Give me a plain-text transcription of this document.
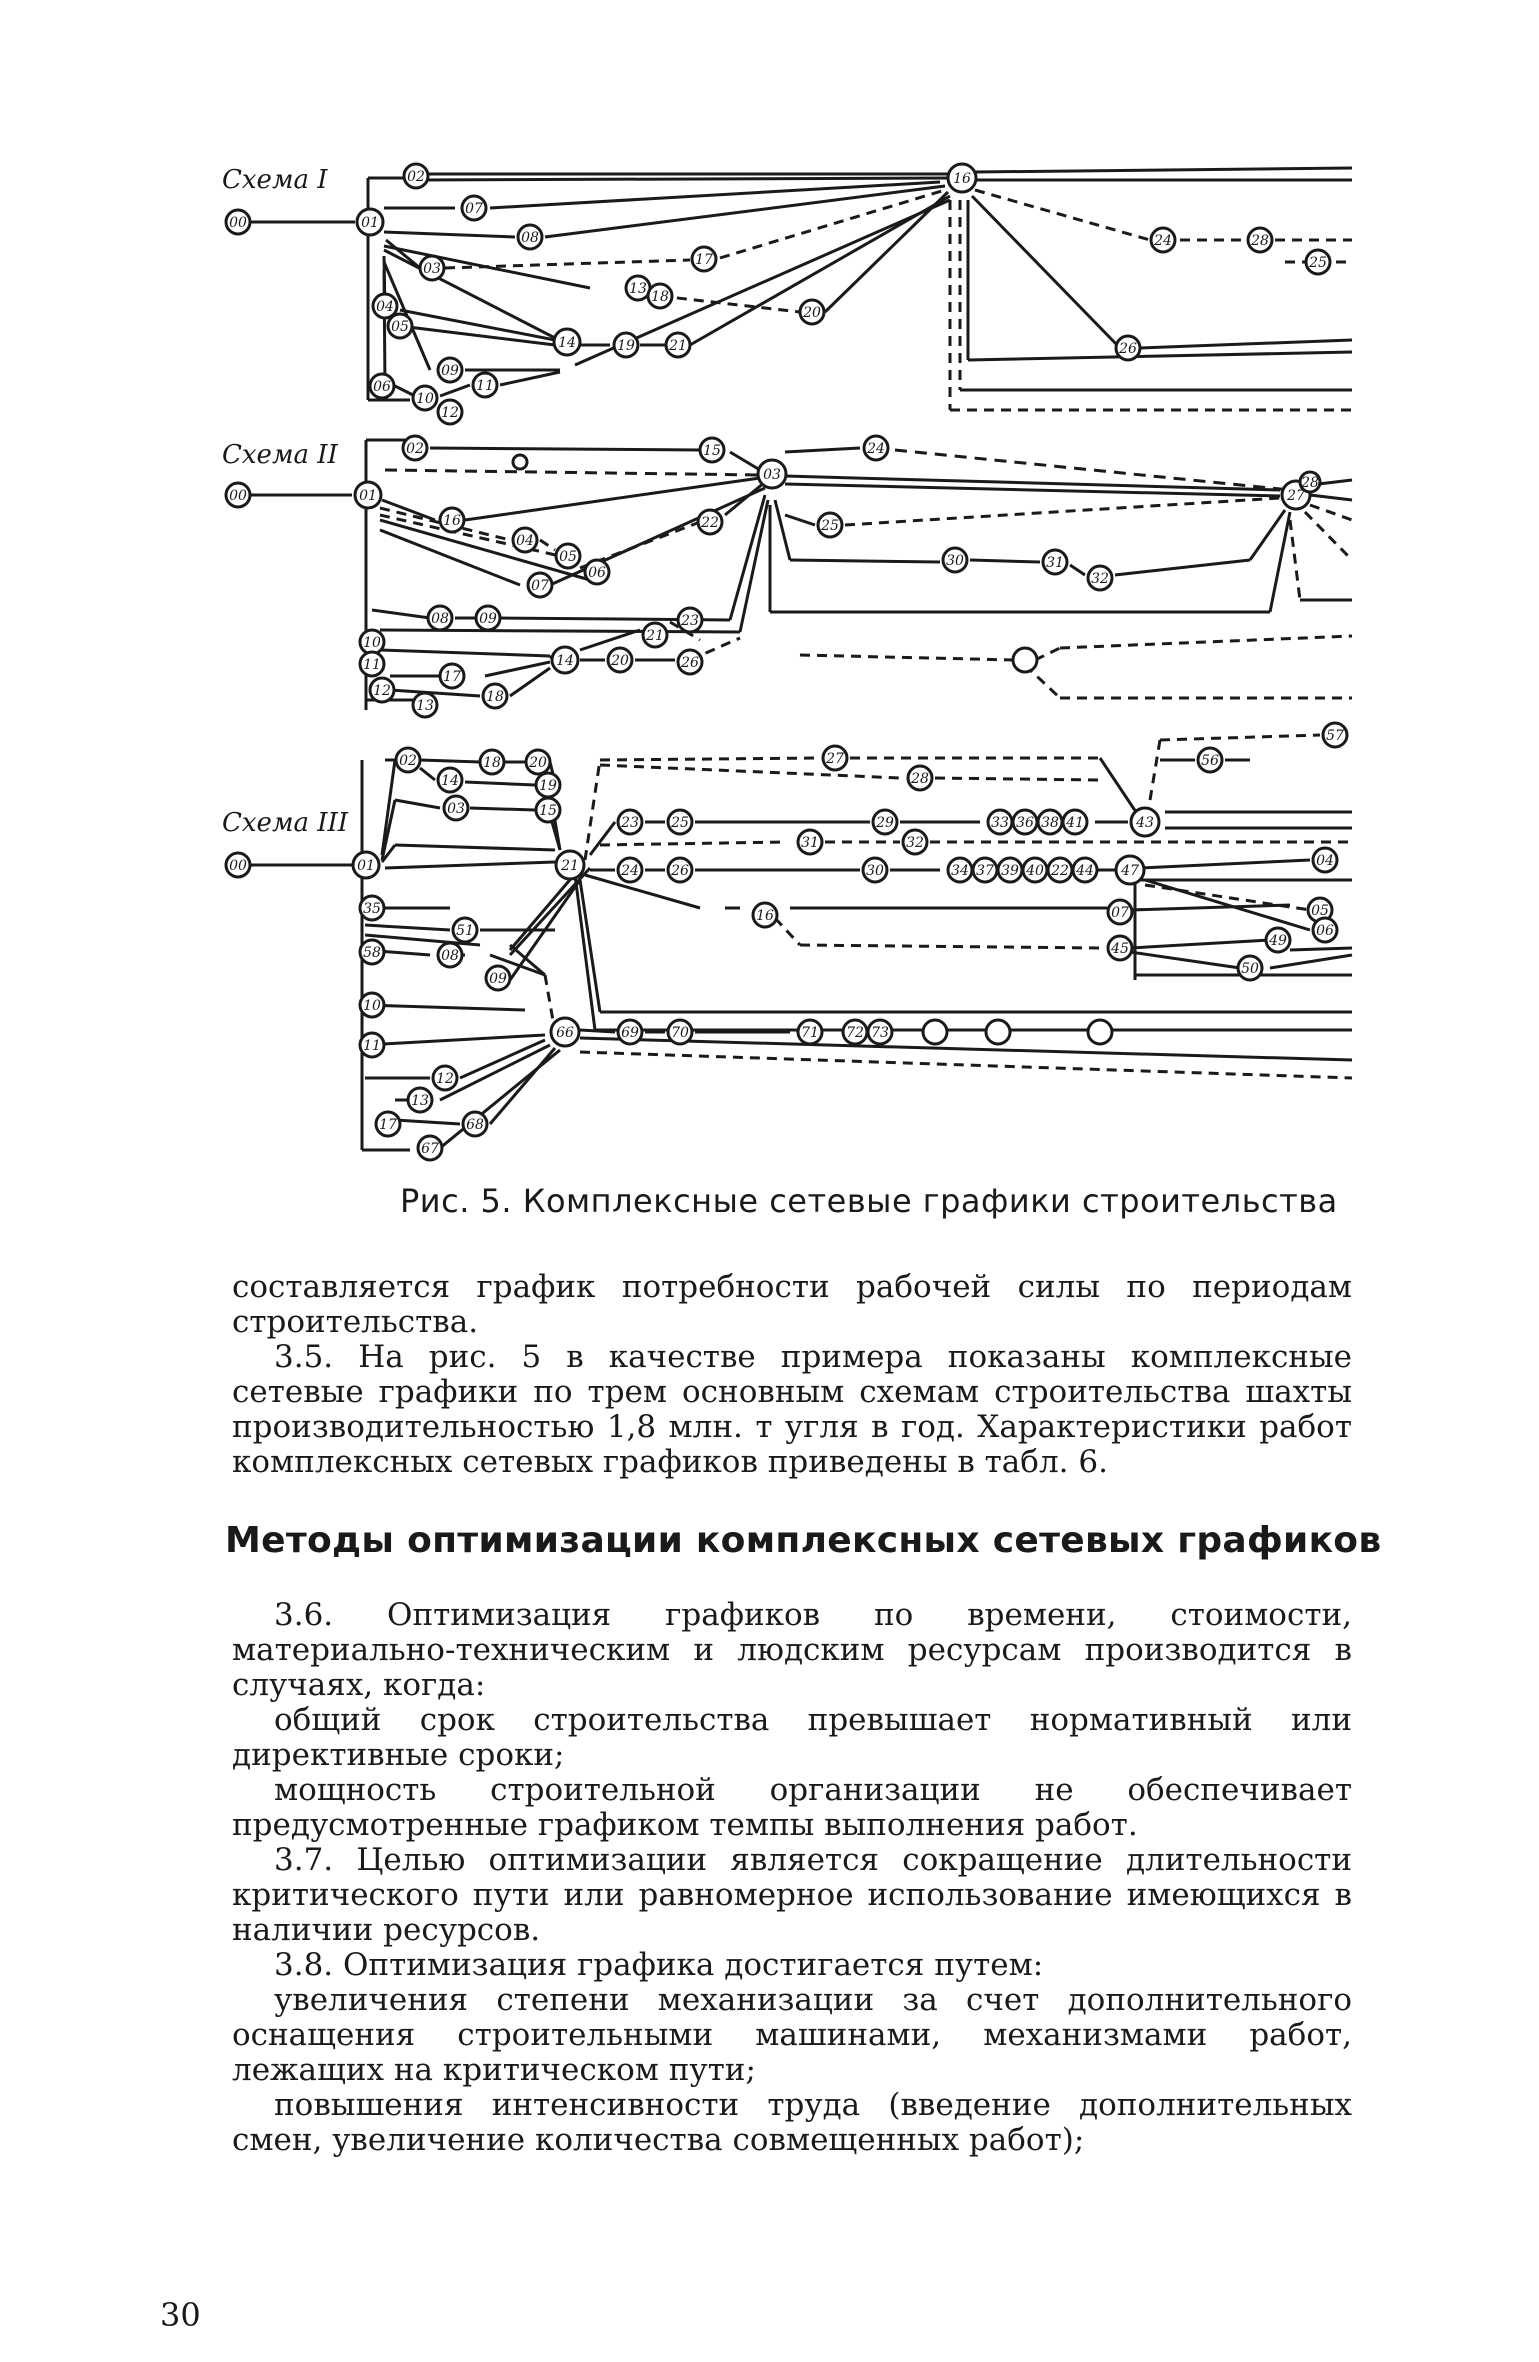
00	01
02
07
08
17
16
24	28
25
03
13 18
04
05
14	19 21
20
26
09
11
06
10
12
00	01
02	15
03
24
27
28
16
04
22	25
05
06
07
30	31
32
08 09
10
11
12
13
14
17
18
20
21
23
26
00	01
02	18 20
14	19
03	15
23 25	29	33 36 38 41	43
57
56
27
28
31	32
21	24 26	30	34 37 39 40 22 44 47
04
05
06
16	07
45	49
50
35
51
58	08
09
10
11
12
13
17	68
67
66	69 70	71 72 73
Схема I
Схема II
Схема III
Рис. 5. Комплексные сетевые графики строительства

составляется график потребности рабочей силы по периодам строительства.

3.5. На рис. 5 в качестве примера показаны комплексные сетевые графики по трем основным схемам строительства шахты производительностью 1,8 млн. т угля в год. Характеристики работ комплексных сетевых графиков приведены в табл. 6.

Методы оптимизации комплексных сетевых графиков

3.6. Оптимизация графиков по времени, стоимости, материально-техническим и людским ресурсам производится в случаях, когда:

общий срок строительства превышает нормативный или директивные сроки;

мощность строительной организации не обеспечивает предусмотренные графиком темпы выполнения работ.

3.7. Целью оптимизации является сокращение длительности критического пути или равномерное использование имеющихся в наличии ресурсов.

3.8. Оптимизация графика достигается путем:

увеличения степени механизации за счет дополнительного оснащения строительными машинами, механизмами работ, лежащих на критическом пути;

повышения интенсивности труда (введение дополнительных смен, увеличение количества совмещенных работ);

30
